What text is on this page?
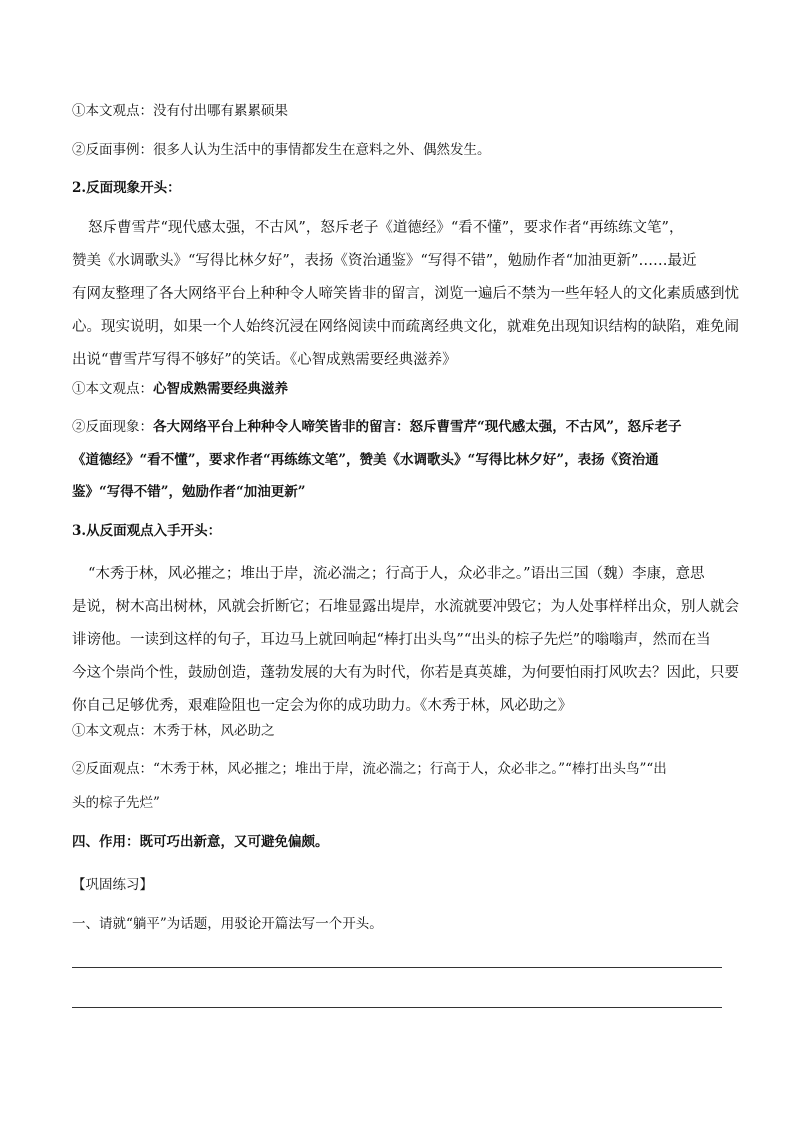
①本文观点：没有付出哪有累累硕果
②反面事例：很多人认为生活中的事情都发生在意料之外、偶然发生。
2.反面现象开头：
怒斥曹雪芹“现代感太强，不古风”，怒斥老子《道德经》“看不懂”，要求作者“再练练文笔”，
赞美《水调歌头》“写得比林夕好”，表扬《资治通鉴》“写得不错”，勉励作者“加油更新”……最近
有网友整理了各大网络平台上种种令人啼笑皆非的留言，浏览一遍后不禁为一些年轻人的文化素质感到忧
心。现实说明，如果一个人始终沉浸在网络阅读中而疏离经典文化，就难免出现知识结构的缺陷，难免闹
出说“曹雪芹写得不够好”的笑话。《心智成熟需要经典滋养》
①本文观点：心智成熟需要经典滋养
②反面现象：各大网络平台上种种令人啼笑皆非的留言：怒斥曹雪芹“现代感太强，不古风”，怒斥老子
《道德经》“看不懂”，要求作者“再练练文笔”，赞美《水调歌头》“写得比林夕好”，表扬《资治通
鉴》“写得不错”，勉励作者“加油更新”
3.从反面观点入手开头：
“木秀于林，风必摧之；堆出于岸，流必湍之；行高于人，众必非之。”语出三国（魏）李康，意思
是说，树木高出树林，风就会折断它；石堆显露出堤岸，水流就要冲毁它；为人处事样样出众，别人就会
诽谤他。一读到这样的句子，耳边马上就回响起“棒打出头鸟”“出头的棕子先烂”的嗡嗡声，然而在当
今这个崇尚个性，鼓励创造，蓬勃发展的大有为时代，你若是真英雄，为何要怕雨打风吹去？因此，只要
你自己足够优秀，艰难险阻也一定会为你的成功助力。《木秀于林，风必助之》
①本文观点：木秀于林，风必助之
②反面观点：“木秀于林，风必摧之；堆出于岸，流必湍之；行高于人，众必非之。”“棒打出头鸟”“出
头的棕子先烂”
四、作用：既可巧出新意，又可避免偏颇。
【巩固练习】
一、请就“躺平”为话题，用驳论开篇法写一个开头。
